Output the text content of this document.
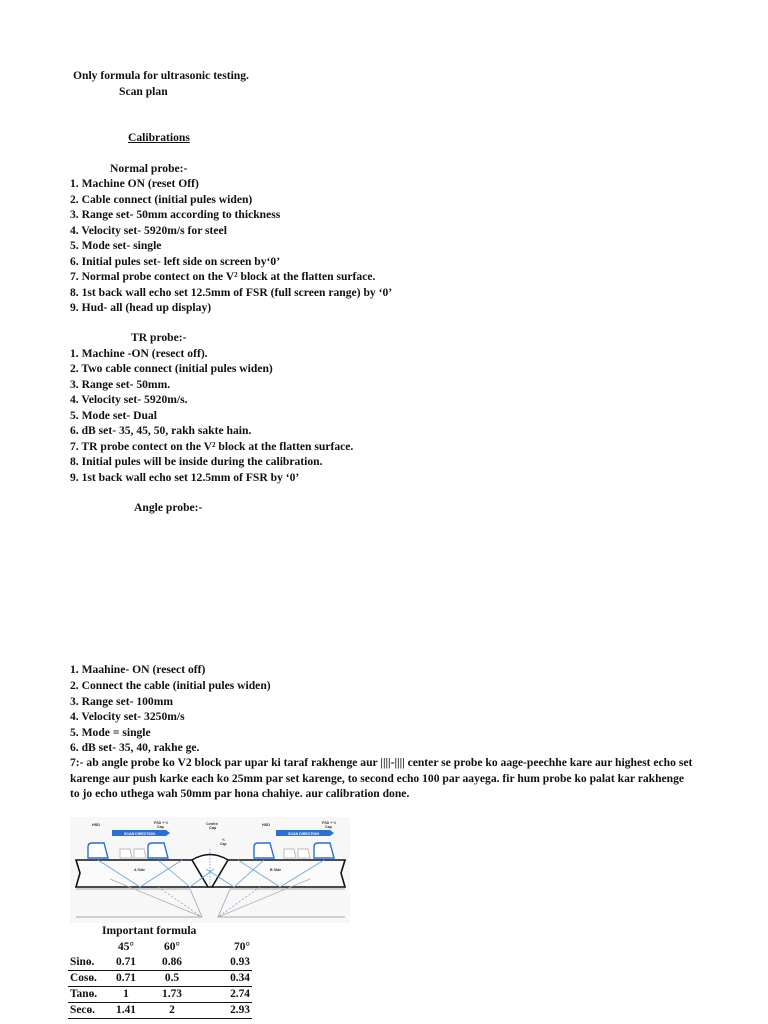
Only formula for ultrasonic testing.
Scan plan
Calibrations
Normal probe:-
1. Machine ON (reset Off)
2. Cable connect (initial pules widen)
3. Range set- 50mm according to thickness
4. Velocity set- 5920m/s for steel
5. Mode set- single
6. Initial pules set- left side on screen by‘0’
7. Normal probe contect on the V² block at the flatten surface.
8. 1st back wall echo set 12.5mm of FSR (full screen range) by ‘0’
9. Hud- all (head up display)
TR probe:-
1. Machine -ON (resect off).
2. Two cable connect (initial pules widen)
3. Range set- 50mm.
4. Velocity set- 5920m/s.
5. Mode set- Dual
6. dB set- 35, 45, 50, rakh sakte hain.
7. TR probe contect on the V² block at the flatten surface.
8. Initial pules will be inside during the calibration.
9. 1st back wall echo set 12.5mm of FSR by ‘0’
Angle probe:-
1. Maahine- ON (resect off)
2. Connect the cable (initial pules widen)
3. Range set- 100mm
4. Velocity set- 3250m/s
5. Mode = single
6. dB set- 35, 40, rakhe ge.
7:- ab angle probe ko V2 block par upar ki taraf rakhenge aur ||||-|||| center se probe ko aage-peechhe kare aur highest echo set
karenge aur push karke each ko 25mm par set karenge, to second echo 100 par aayega. fir hum probe ko palat kar rakhenge
to jo echo uthega wah 50mm par hona chahiye. aur calibration done.
SCAN DIRECTION	SCAN DIRECTION
HSD	FSD + ½
Cap
Centre
Cap
½
Cap
HSD	FSD + ½
Cap
A Side	B Side
Important formula
	45°	60°	70°
Sinɵ.	0.71	0.86	0.93
Cosɵ.	0.71	0.5	0.34
Tanɵ.	1	1.73	2.74
Secɵ.	1.41	2	2.93
